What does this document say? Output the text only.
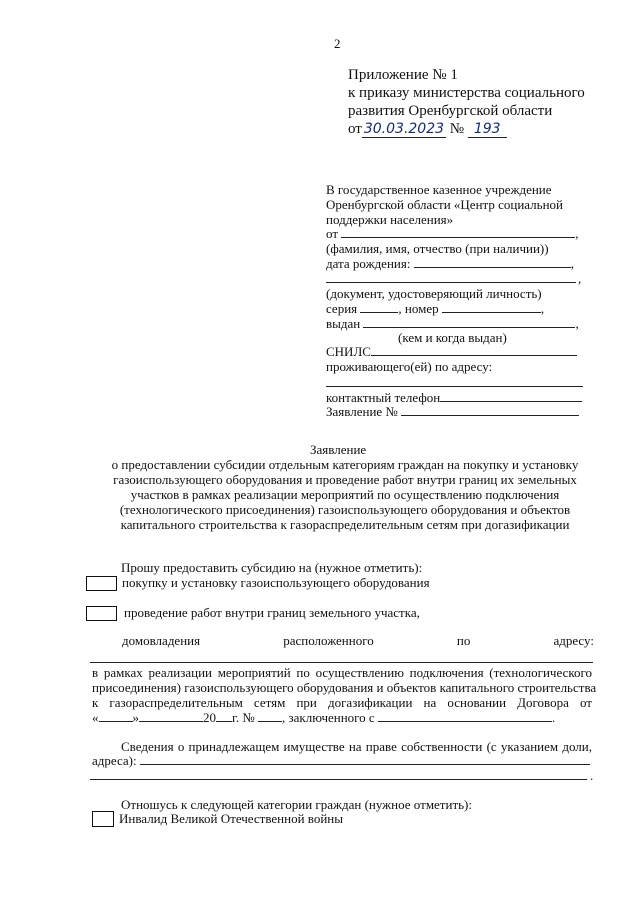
2
Приложение № 1
к приказу министерства социального
развития Оренбургской области
от 30.03.2023 № 193
В государственное казенное учреждение
Оренбургской области «Центр социальной
поддержки населения»
от	,
(фамилия, имя, отчество (при наличии))
дата рождения:	,
,
(документ, удостоверяющий личность)
серия	, номер	,
выдан	,
(кем и когда выдан)
СНИЛС
проживающего(ей) по адресу:
контактный телефон
Заявление №
Заявление
о предоставлении субсидии отдельным категориям граждан на покупку и установку
газоиспользующего оборудования и проведение работ внутри границ их земельных
участков в рамках реализации мероприятий по осуществлению подключения
(технологического присоединения) газоиспользующего оборудования и объектов
капитального строительства к газораспределительным сетям при догазификации
Прошу предоставить субсидию на (нужное отметить):
покупку и установку газоиспользующего оборудования
проведение работ внутри границ земельного участка,
домовладения	расположенного	по	адресу:
в рамках реализации мероприятий по осуществлению подключения (технологического
присоединения) газоиспользующего оборудования и объектов капитального строительства
к газораспределительным сетям при догазификации на основании Договора от
«	»	20 г. № , заключенного с	.
Сведения о принадлежащем имуществе на праве собственности (с указанием доли,
адреса):
.
Отношусь к следующей категории граждан (нужное отметить):
Инвалид Великой Отечественной войны
